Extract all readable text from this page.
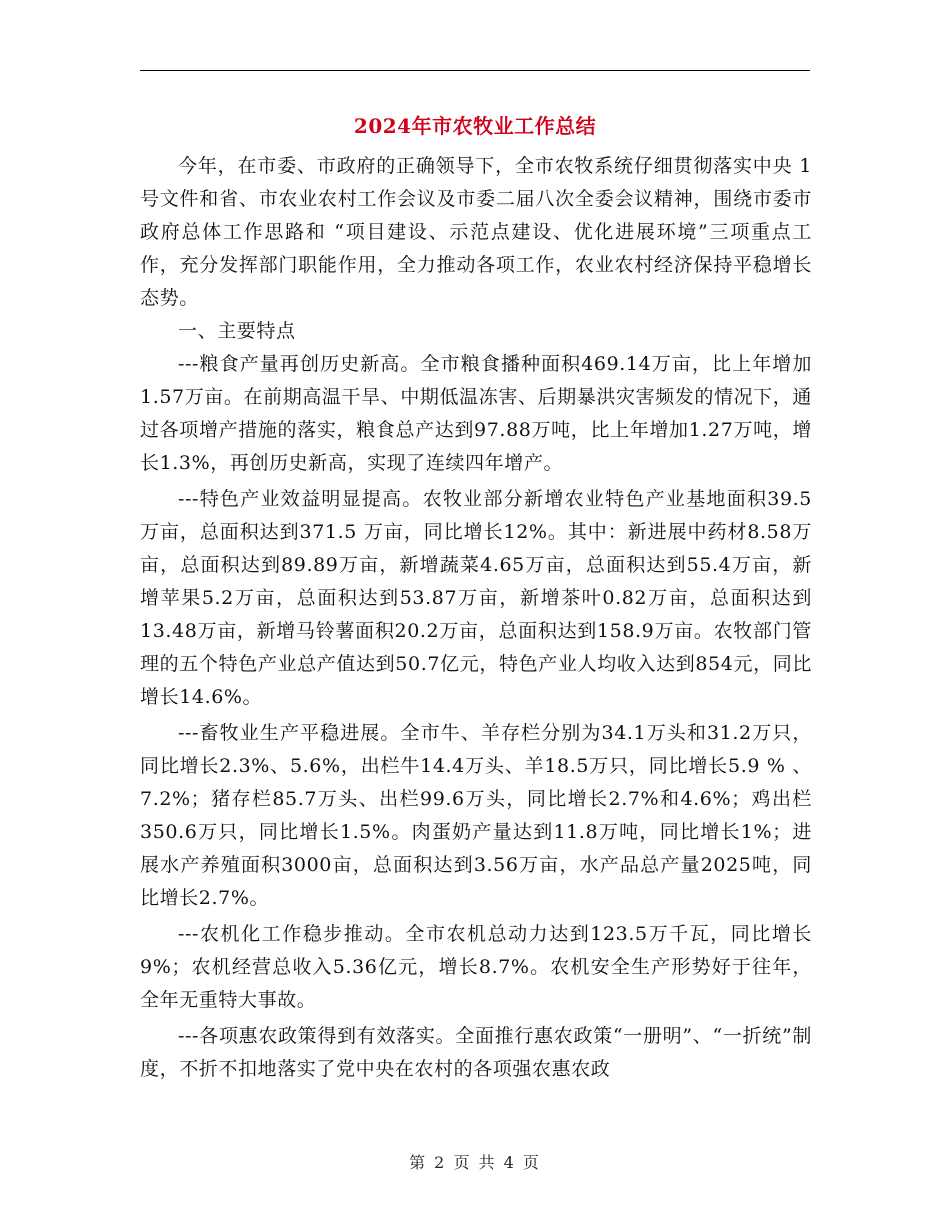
2024年市农牧业工作总结

今年，在市委、市政府的正确领导下，全市农牧系统仔细贯彻落实中央 1号文件和省、市农业农村工作会议及市委二届八次全委会议精神，围绕市委市政府总体工作思路和 “项目建设、示范点建设、优化进展环境”三项重点工作，充分发挥部门职能作用，全力推动各项工作，农业农村经济保持平稳增长态势。

一、主要特点

---粮食产量再创历史新高。全市粮食播种面积469.14万亩，比上年增加1.57万亩。在前期高温干旱、中期低温冻害、后期暴洪灾害频发的情况下，通过各项增产措施的落实，粮食总产达到97.88万吨，比上年增加1.27万吨，增长1.3%，再创历史新高，实现了连续四年增产。

---特色产业效益明显提高。农牧业部分新增农业特色产业基地面积39.5万亩，总面积达到371.5 万亩，同比增长12%。其中：新进展中药材8.58万亩，总面积达到89.89万亩，新增蔬菜4.65万亩，总面积达到55.4万亩，新增苹果5.2万亩，总面积达到53.87万亩，新增茶叶0.82万亩，总面积达到13.48万亩，新增马铃薯面积20.2万亩，总面积达到158.9万亩。农牧部门管理的五个特色产业总产值达到50.7亿元，特色产业人均收入达到854元，同比增长14.6%。

---畜牧业生产平稳进展。全市牛、羊存栏分别为34.1万头和31.2万只，同比增长2.3%、5.6%，出栏牛14.4万头、羊18.5万只，同比增长5.9 % 、7.2%；猪存栏85.7万头、出栏99.6万头，同比增长2.7%和4.6%；鸡出栏350.6万只，同比增长1.5%。肉蛋奶产量达到11.8万吨，同比增长1%；进展水产养殖面积3000亩，总面积达到3.56万亩，水产品总产量2025吨，同比增长2.7%。

---农机化工作稳步推动。全市农机总动力达到123.5万千瓦，同比增长9%；农机经营总收入5.36亿元，增长8.7%。农机安全生产形势好于往年，全年无重特大事故。

---各项惠农政策得到有效落实。全面推行惠农政策“一册明”、“一折统”制度，不折不扣地落实了党中央在农村的各项强农惠农政

第 2 页 共 4 页
